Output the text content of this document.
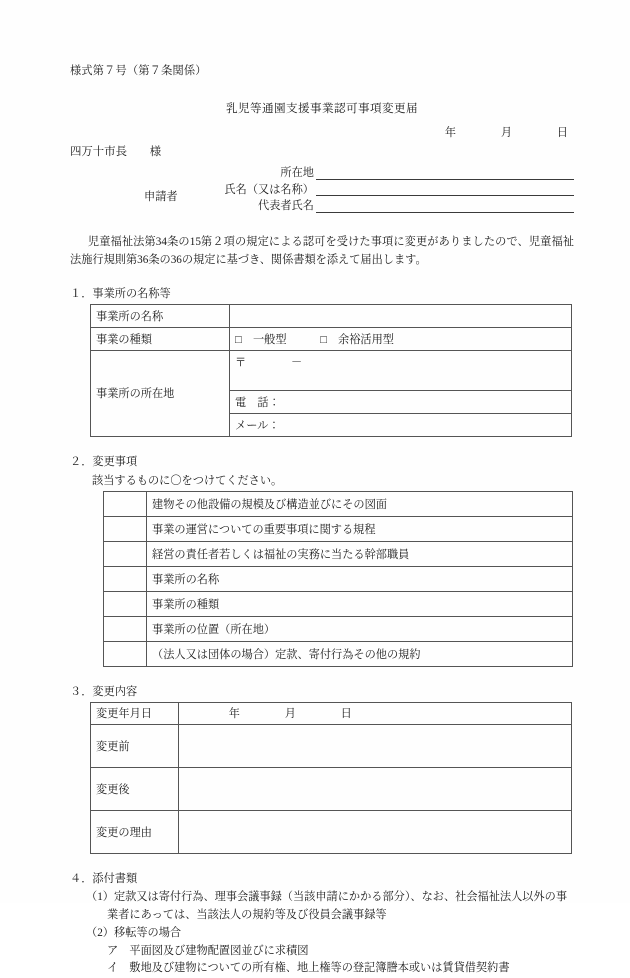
様式第７号（第７条関係）
乳児等通園支援事業認可事項変更届
年　　　　月　　　　日
四万十市長　　様
申請者
所在地
氏名（又は名称）
代表者氏名
児童福祉法第34条の15第２項の規定による認可を受けた事項に変更がありましたので、児童福祉法施行規則第36条の36の規定に基づき、関係書類を添えて届出します。
１．事業所の名称等
事業所の名称	
事業の種類	□　一般型　　　□　余裕活用型
事業所の所在地	〒　　　　－
	電　話：
	メール：
２．変更事項
該当するものに〇をつけてください。
	建物その他設備の規模及び構造並びにその図面
	事業の運営についての重要事項に関する規程
	経営の責任者若しくは福祉の実務に当たる幹部職員
	事業所の名称
	事業所の種類
	事業所の位置（所在地）
	（法人又は団体の場合）定款、寄付行為その他の規約
３．変更内容
変更年月日	　　　　年　　　　月　　　　日
変更前	
変更後	
変更の理由	
４．添付書類
（1）定款又は寄付行為、理事会議事録（当該申請にかかる部分）、なお、社会福祉法人以外の事
業者にあっては、当該法人の規約等及び役員会議事録等
（2）移転等の場合
ア　平面図及び建物配置図並びに求積図
イ　敷地及び建物についての所有権、地上権等の登記簿謄本或いは賃貸借契約書
